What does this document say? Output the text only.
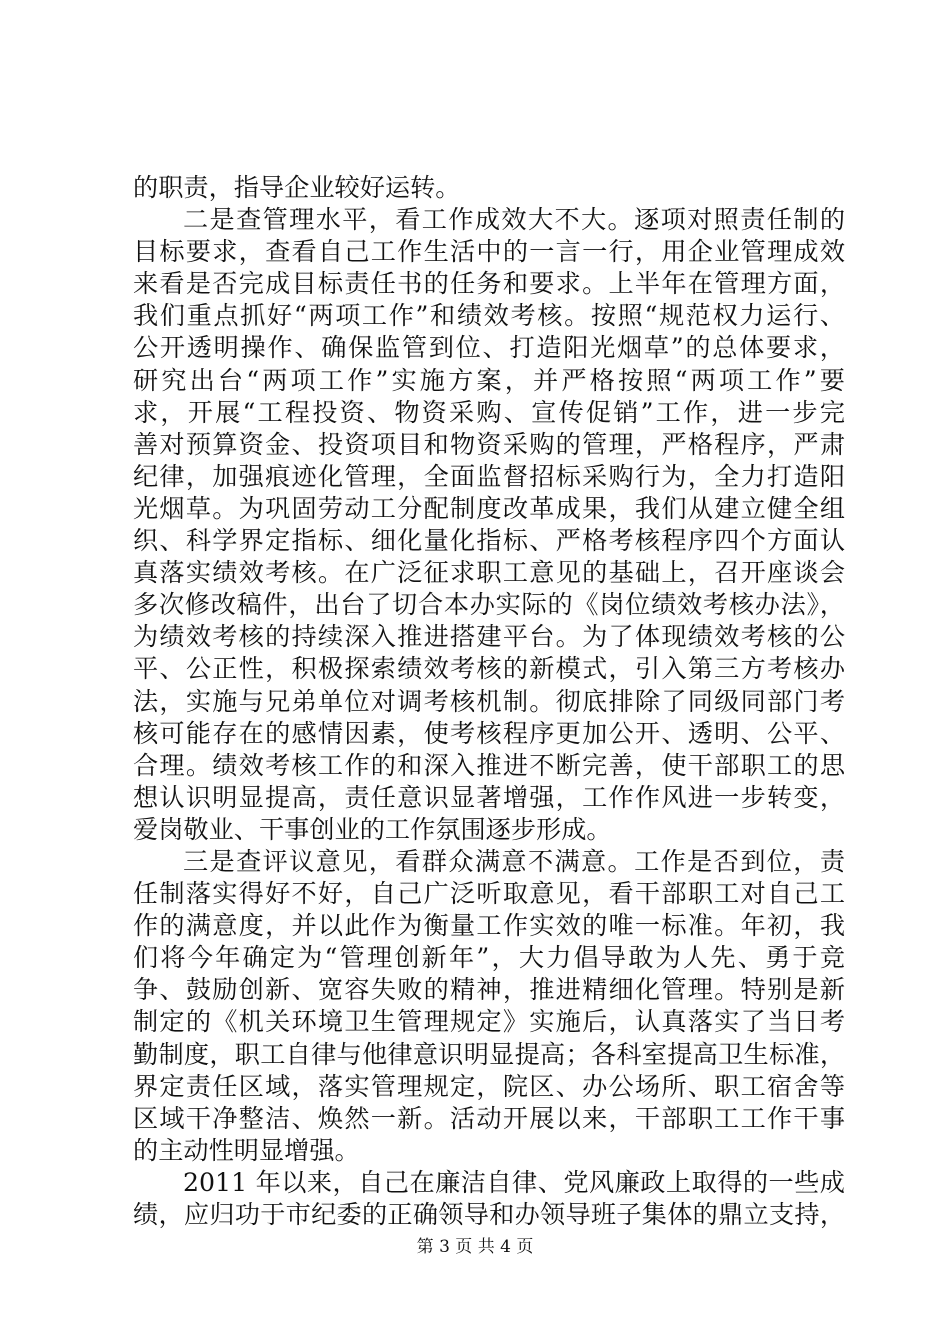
的职责，指导企业较好运转。
二是查管理水平，看工作成效大不大。逐项对照责任制的
目标要求，查看自己工作生活中的一言一行，用企业管理成效
来看是否完成目标责任书的任务和要求。上半年在管理方面，
我们重点抓好“两项工作”和绩效考核。按照“规范权力运行、
公开透明操作、确保监管到位、打造阳光烟草”的总体要求，
研究出台“两项工作”实施方案，并严格按照“两项工作”要
求，开展“工程投资、物资采购、宣传促销”工作，进一步完
善对预算资金、投资项目和物资采购的管理，严格程序，严肃
纪律，加强痕迹化管理，全面监督招标采购行为，全力打造阳
光烟草。为巩固劳动工分配制度改革成果，我们从建立健全组
织、科学界定指标、细化量化指标、严格考核程序四个方面认
真落实绩效考核。在广泛征求职工意见的基础上，召开座谈会
多次修改稿件，出台了切合本办实际的《岗位绩效考核办法》，
为绩效考核的持续深入推进搭建平台。为了体现绩效考核的公
平、公正性，积极探索绩效考核的新模式，引入第三方考核办
法，实施与兄弟单位对调考核机制。彻底排除了同级同部门考
核可能存在的感情因素，使考核程序更加公开、透明、公平、
合理。绩效考核工作的和深入推进不断完善，使干部职工的思
想认识明显提高，责任意识显著增强，工作作风进一步转变，
爱岗敬业、干事创业的工作氛围逐步形成。
三是查评议意见，看群众满意不满意。工作是否到位，责
任制落实得好不好，自己广泛听取意见，看干部职工对自己工
作的满意度，并以此作为衡量工作实效的唯一标准。年初，我
们将今年确定为“管理创新年”，大力倡导敢为人先、勇于竞
争、鼓励创新、宽容失败的精神，推进精细化管理。特别是新
制定的《机关环境卫生管理规定》实施后，认真落实了当日考
勤制度，职工自律与他律意识明显提高；各科室提高卫生标准，
界定责任区域，落实管理规定，院区、办公场所、职工宿舍等
区域干净整洁、焕然一新。活动开展以来，干部职工工作干事
的主动性明显增强。
2011 年以来，自己在廉洁自律、党风廉政上取得的一些成
绩，应归功于市纪委的正确领导和办领导班子集体的鼎立支持，
第 3 页 共 4 页
